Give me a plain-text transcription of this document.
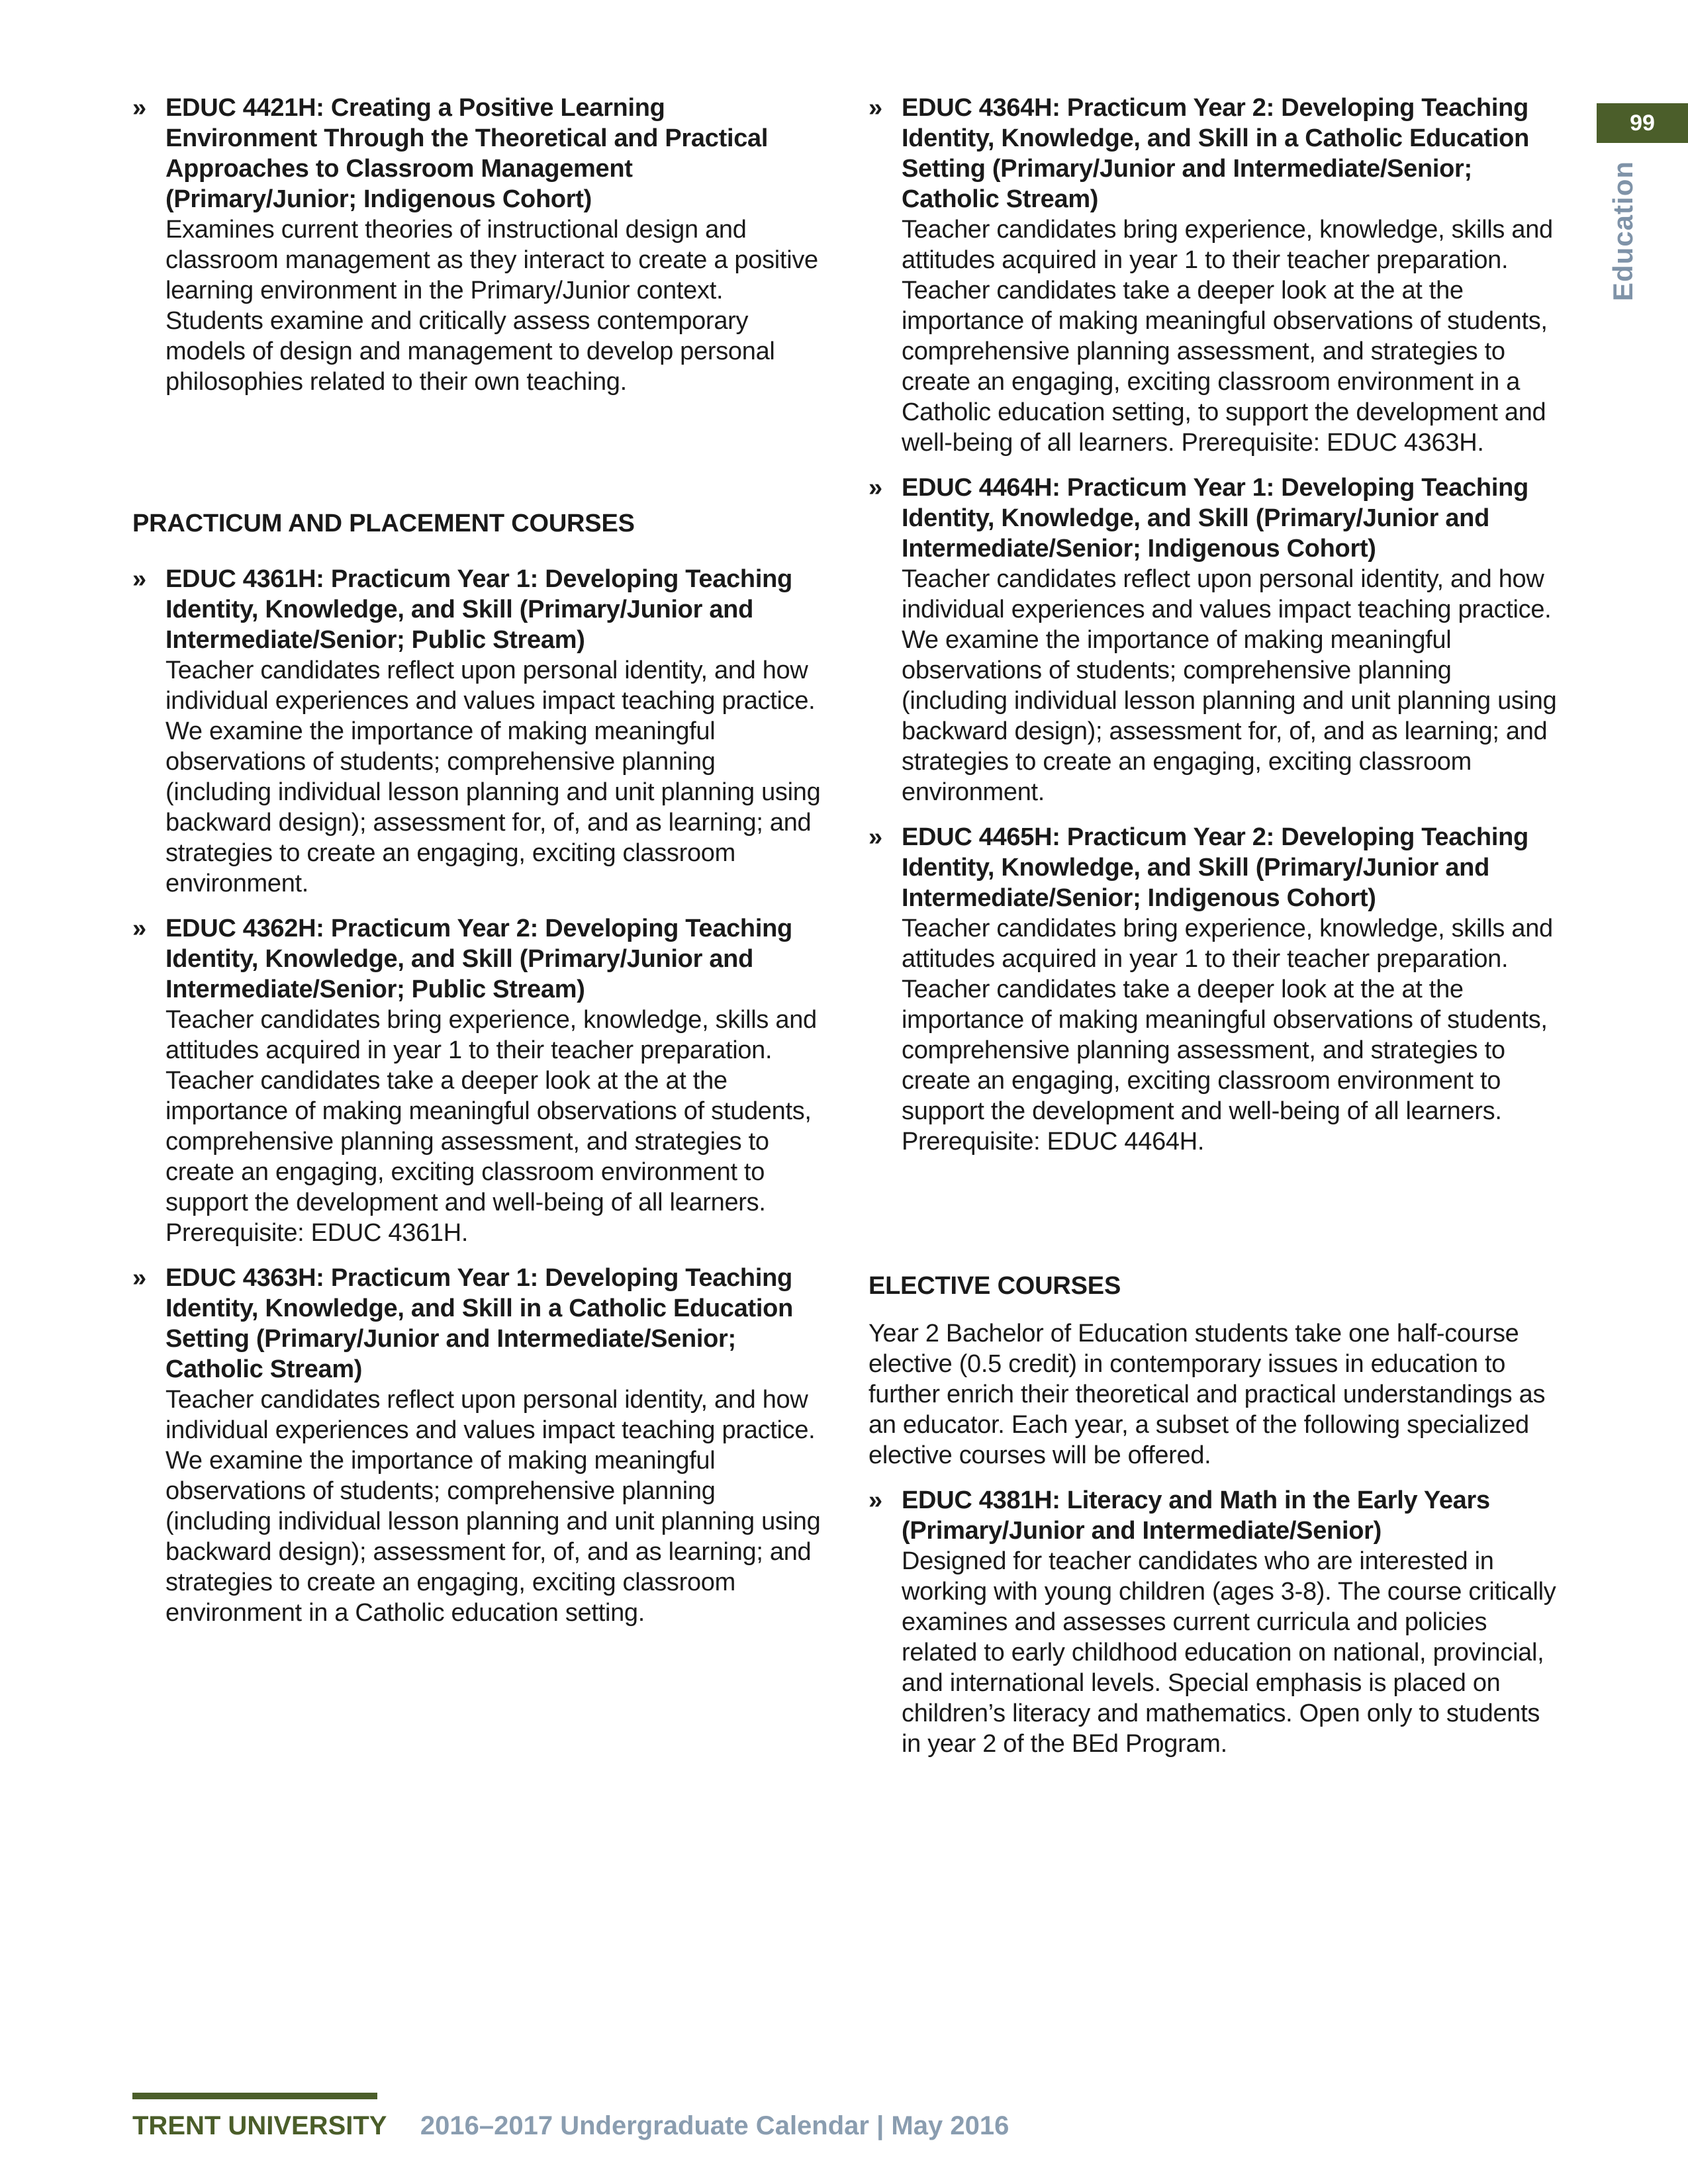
99
Education
» EDUC 4421H: Creating a Positive Learning Environment Through the Theoretical and Practical Approaches to Classroom Management (Primary/Junior; Indigenous Cohort)
Examines current theories of instructional design and classroom management as they interact to create a positive learning environment in the Primary/Junior context. Students examine and critically assess contemporary models of design and management to develop personal philosophies related to their own teaching.
PRACTICUM AND PLACEMENT COURSES
» EDUC 4361H: Practicum Year 1: Developing Teaching Identity, Knowledge, and Skill (Primary/Junior and Intermediate/Senior; Public Stream)
Teacher candidates reflect upon personal identity, and how individual experiences and values impact teaching practice. We examine the importance of making meaningful observations of students; comprehensive planning (including individual lesson planning and unit planning using backward design); assessment for, of, and as learning; and strategies to create an engaging, exciting classroom environment.
» EDUC 4362H: Practicum Year 2: Developing Teaching Identity, Knowledge, and Skill (Primary/Junior and Intermediate/Senior; Public Stream)
Teacher candidates bring experience, knowledge, skills and attitudes acquired in year 1 to their teacher preparation. Teacher candidates take a deeper look at the at the importance of making meaningful observations of students, comprehensive planning assessment, and strategies to create an engaging, exciting classroom environment to support the development and well-being of all learners. Prerequisite: EDUC 4361H.
» EDUC 4363H: Practicum Year 1: Developing Teaching Identity, Knowledge, and Skill in a Catholic Education Setting (Primary/Junior and Intermediate/Senior; Catholic Stream)
Teacher candidates reflect upon personal identity, and how individual experiences and values impact teaching practice. We examine the importance of making meaningful observations of students; comprehensive planning (including individual lesson planning and unit planning using backward design); assessment for, of, and as learning; and strategies to create an engaging, exciting classroom environment in a Catholic education setting.
» EDUC 4364H: Practicum Year 2: Developing Teaching Identity, Knowledge, and Skill in a Catholic Education Setting (Primary/Junior and Intermediate/Senior; Catholic Stream)
Teacher candidates bring experience, knowledge, skills and attitudes acquired in year 1 to their teacher preparation. Teacher candidates take a deeper look at the at the importance of making meaningful observations of students, comprehensive planning assessment, and strategies to create an engaging, exciting classroom environment in a Catholic education setting, to support the development and well-being of all learners. Prerequisite: EDUC 4363H.
» EDUC 4464H: Practicum Year 1: Developing Teaching Identity, Knowledge, and Skill (Primary/Junior and Intermediate/Senior; Indigenous Cohort)
Teacher candidates reflect upon personal identity, and how individual experiences and values impact teaching practice. We examine the importance of making meaningful observations of students; comprehensive planning (including individual lesson planning and unit planning using backward design); assessment for, of, and as learning; and strategies to create an engaging, exciting classroom environment.
» EDUC 4465H: Practicum Year 2: Developing Teaching Identity, Knowledge, and Skill (Primary/Junior and Intermediate/Senior; Indigenous Cohort)
Teacher candidates bring experience, knowledge, skills and attitudes acquired in year 1 to their teacher preparation. Teacher candidates take a deeper look at the at the importance of making meaningful observations of students, comprehensive planning assessment, and strategies to create an engaging, exciting classroom environment to support the development and well-being of all learners. Prerequisite: EDUC 4464H.
ELECTIVE COURSES
Year 2 Bachelor of Education students take one half-course elective (0.5 credit) in contemporary issues in education to further enrich their theoretical and practical understandings as an educator. Each year, a subset of the following specialized elective courses will be offered.
» EDUC 4381H: Literacy and Math in the Early Years (Primary/Junior and Intermediate/Senior)
Designed for teacher candidates who are interested in working with young children (ages 3-8). The course critically examines and assesses current curricula and policies related to early childhood education on national, provincial, and international levels. Special emphasis is placed on children’s literacy and mathematics. Open only to students in year 2 of the BEd Program.
TRENT UNIVERSITY 2016–2017 Undergraduate Calendar | May 2016
